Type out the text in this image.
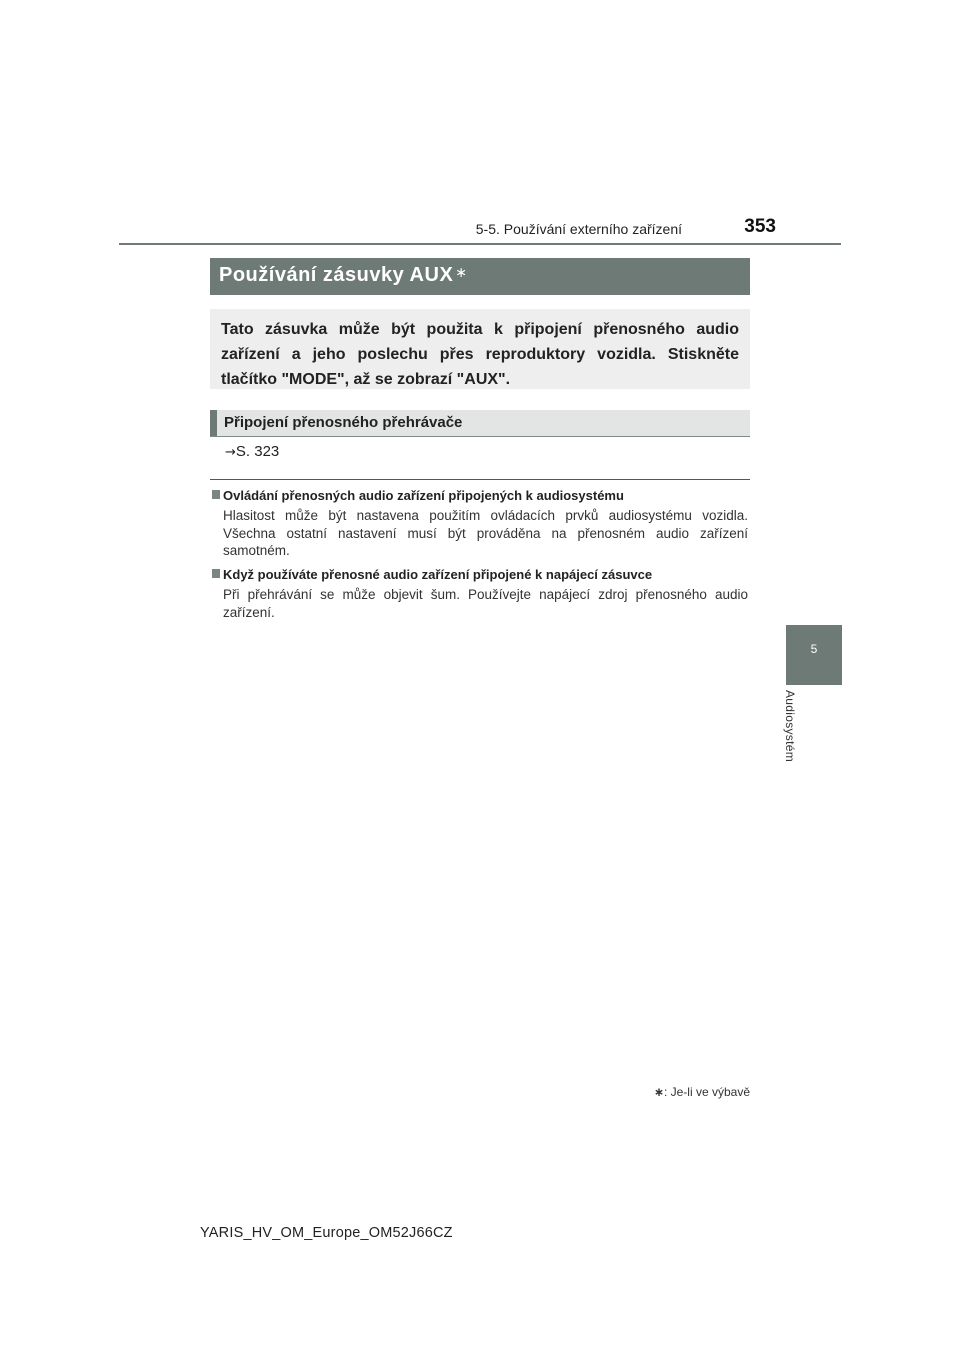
5-5. Používání externího zařízení	353
5
Audiosystém
Používání zásuvky AUX ∗

Tato zásuvka může být použita k připojení přenosného audio zařízení a jeho poslechu přes reproduktory vozidla. Stiskněte tlačítko "MODE", až se zobrazí "AUX".

Připojení přenosného přehrávače
→S. 323
Ovládání přenosných audio zařízení připojených k audiosystému
Hlasitost může být nastavena použitím ovládacích prvků audiosystému vozidla. Všechna ostatní nastavení musí být prováděna na přenosném audio zařízení samotném.
Když používáte přenosné audio zařízení připojené k napájecí zásuvce
Při přehrávání se může objevit šum. Používejte napájecí zdroj přenosného audio zařízení.
∗: Je-li ve výbavě
YARIS_HV_OM_Europe_OM52J66CZ
